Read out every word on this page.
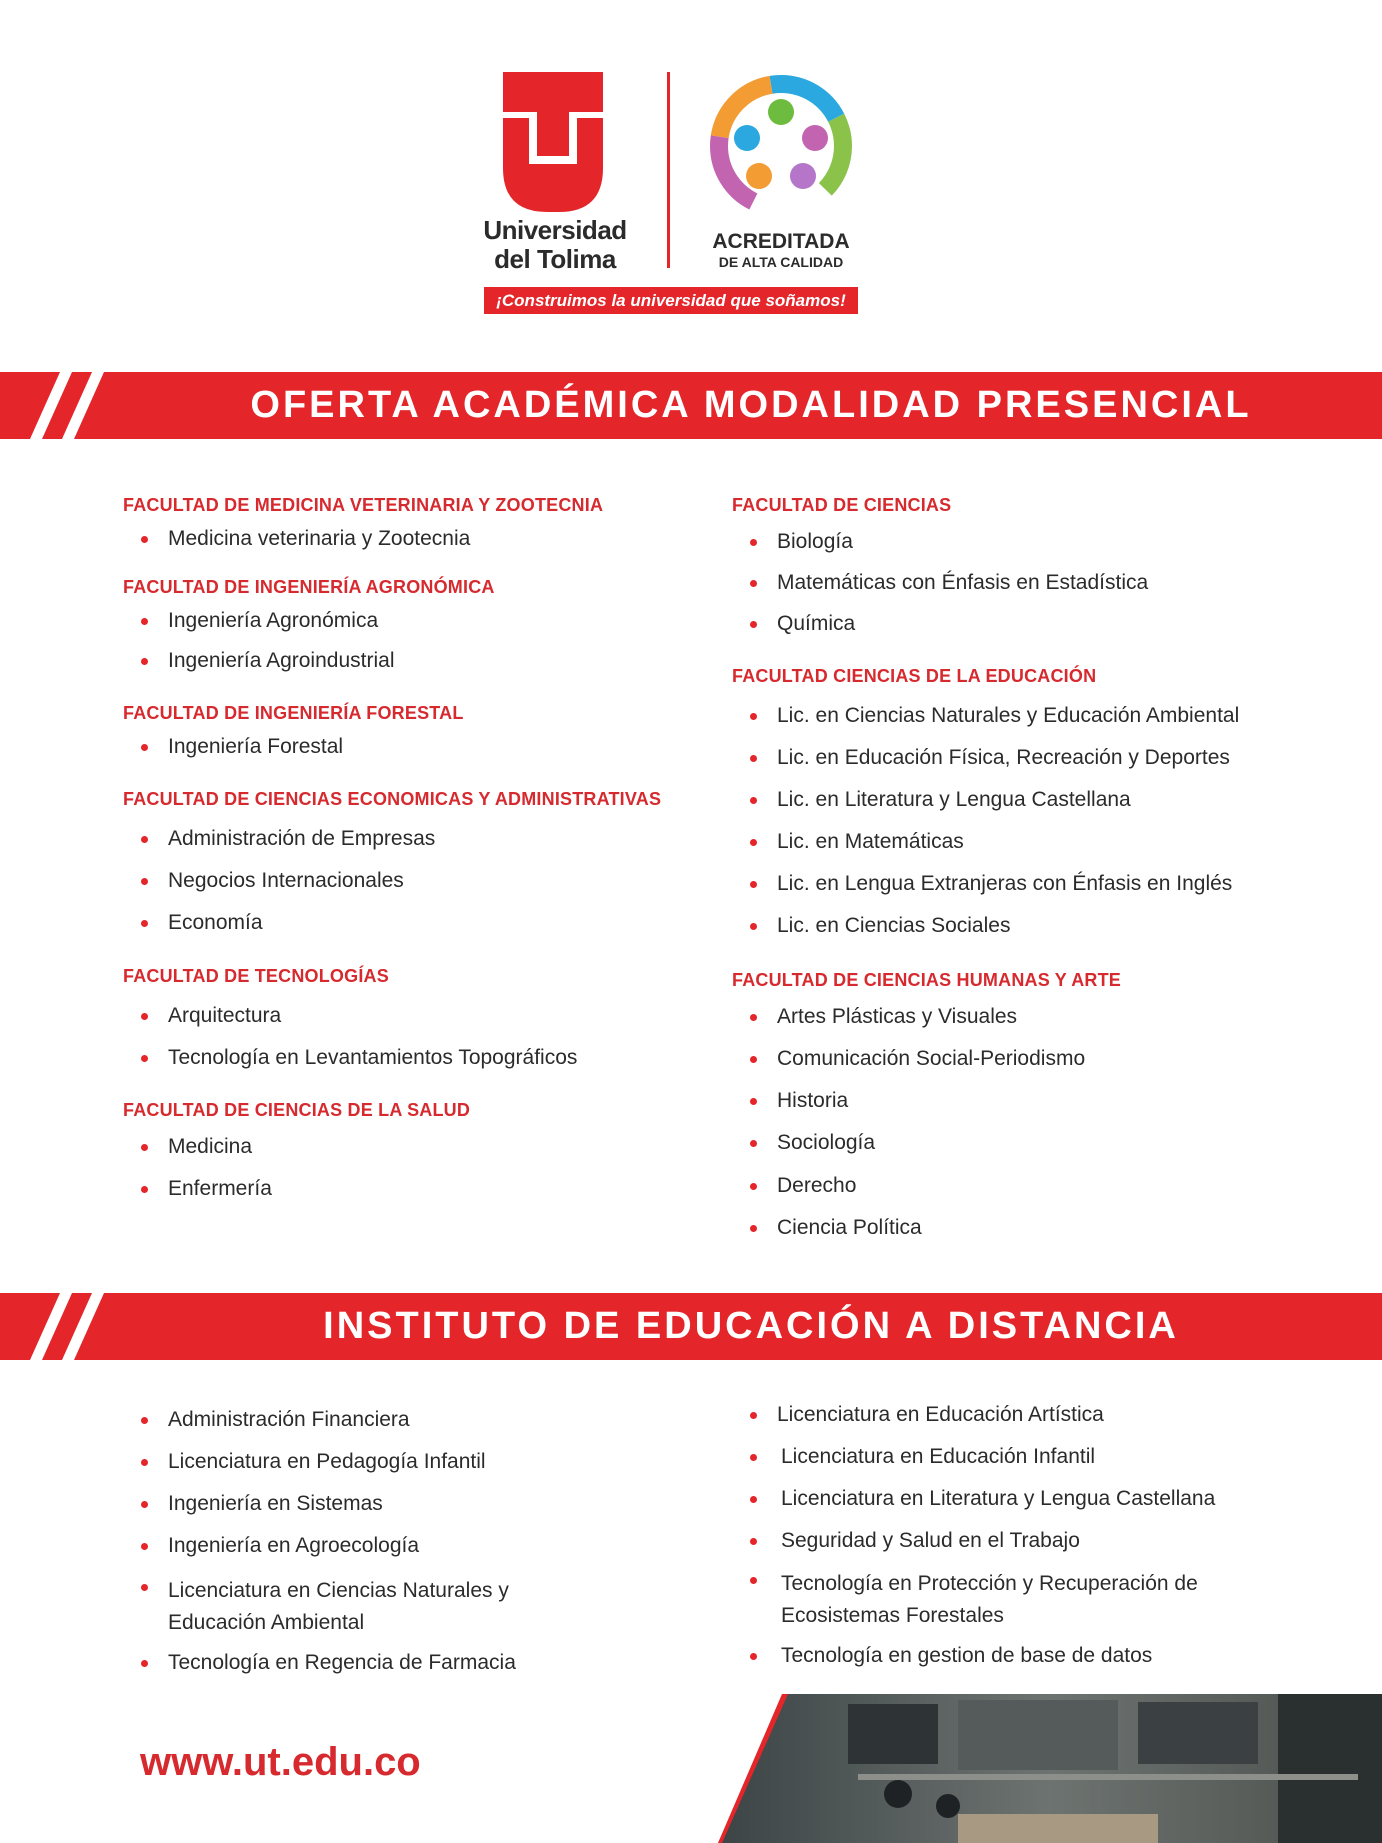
Universidad
del Tolima
ACREDITADA
DE ALTA CALIDAD
¡Construimos la universidad que soñamos!
OFERTA ACADÉMICA MODALIDAD PRESENCIAL
FACULTAD DE MEDICINA VETERINARIA Y ZOOTECNIA
Medicina veterinaria y Zootecnia
FACULTAD DE INGENIERÍA AGRONÓMICA
Ingeniería Agronómica
Ingeniería Agroindustrial
FACULTAD DE INGENIERÍA FORESTAL
Ingeniería Forestal
FACULTAD DE CIENCIAS ECONOMICAS Y ADMINISTRATIVAS
Administración de Empresas
Negocios Internacionales
Economía
FACULTAD DE TECNOLOGÍAS
Arquitectura
Tecnología en Levantamientos Topográficos
FACULTAD DE CIENCIAS DE LA SALUD
Medicina
Enfermería
FACULTAD DE CIENCIAS
Biología
Matemáticas con Énfasis en Estadística
Química
FACULTAD CIENCIAS DE LA EDUCACIÓN
Lic. en Ciencias Naturales y Educación Ambiental
Lic. en Educación Física, Recreación y Deportes
Lic. en Literatura y Lengua Castellana
Lic. en Matemáticas
Lic. en Lengua Extranjeras con Énfasis en Inglés
Lic. en Ciencias Sociales
FACULTAD DE CIENCIAS HUMANAS Y ARTE
Artes Plásticas y Visuales
Comunicación Social-Periodismo
Historia
Sociología
Derecho
Ciencia Política
INSTITUTO DE EDUCACIÓN A DISTANCIA
Administración Financiera
Licenciatura en Pedagogía Infantil
Ingeniería en Sistemas
Ingeniería en Agroecología
Licenciatura en Ciencias Naturales y Educación Ambiental
Tecnología en Regencia de Farmacia
Licenciatura en Educación Artística
Licenciatura en Educación Infantil
Licenciatura en Literatura y Lengua Castellana
Seguridad y Salud en el Trabajo
Tecnología en Protección y Recuperación de Ecosistemas Forestales
Tecnología en gestion de base de datos
www.ut.edu.co
